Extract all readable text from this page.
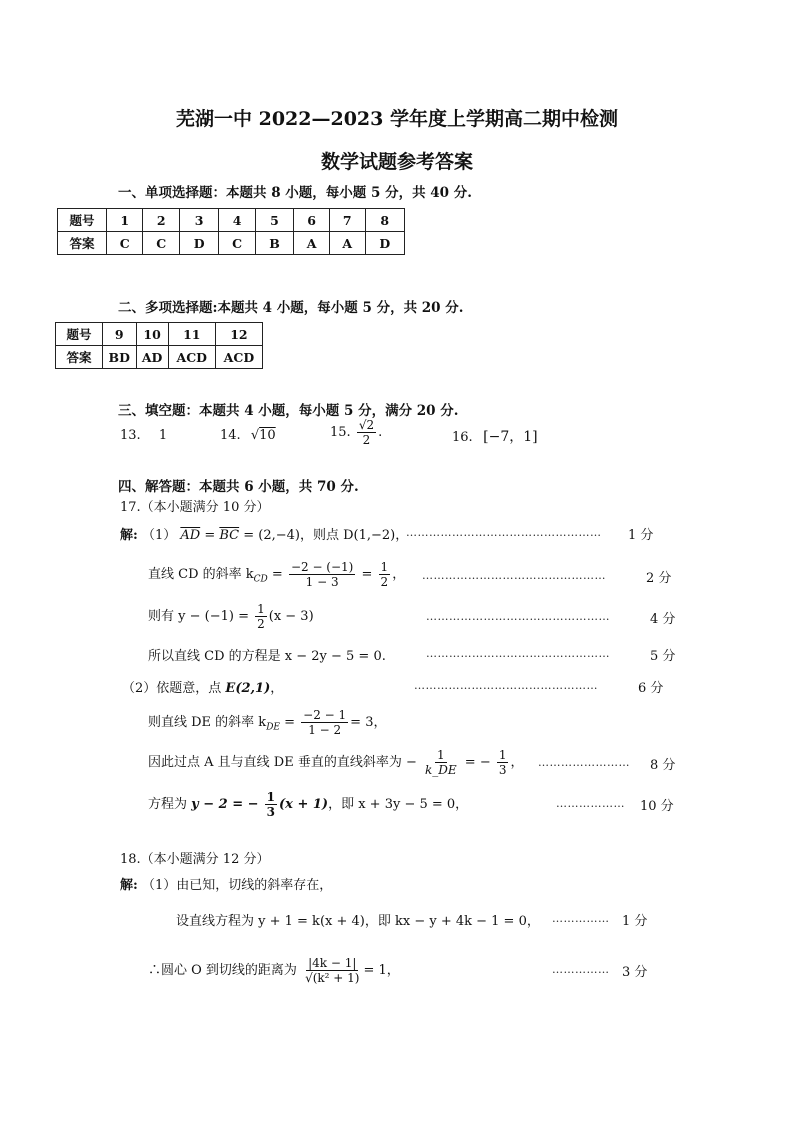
芜湖一中 2022—2023 学年度上学期高二期中检测
数学试题参考答案
一、单项选择题：本题共 8 小题，每小题 5 分，共 40 分.
题号	1	2	3	4	5	6	7	8
答案	C	C	D	C	B	A	A	D
二、多项选择题:本题共 4 小题，每小题 5 分，共 20 分.
题号	9	10	11	12
答案	BD	AD	ACD	ACD
三、填空题：本题共 4 小题，每小题 5 分，满分 20 分.
13. 1	14. √10	15. $\frac{√2}{2}$ .	16. [−7，1]
四、解答题：本题共 6 小题，共 70 分.
17.（本小题满分 10 分）
解: （1） $\overline{AD} = \overline{BC} = (2,-4)$，则点 D(1,−2)，
…………………………………………… 1 分
直线 CD 的斜率 $k_{CD} = \frac{-2 - (-1)}{1 - 3} = \frac{1}{2}$ ， …………………………………………	2 分
则有 $y - (-1) = \frac{1}{2} (x - 3)$	…………………………………………	4 分
所以直线 CD 的方程是 x − 2y − 5 = 0.	…………………………………………	5 分
（2）依题意，点 E(2,1)，	…………………………………………	6 分
则直线 DE 的斜率 $k_{DE} = \frac{-2 - 1}{1 - 2} = 3$，
因此过点 A 且与直线 DE 垂直的直线斜率为 − $\frac{1}{k\_DE}$ = − $\frac{1}{3}$ ， …………………… 8 分
方程为 y − 2 = − $\frac{1}{3} (x + 1)$，即 x + 3y − 5 = 0，	……………… 10 分
18.（本小题满分 12 分）
解: （1）由已知，切线的斜率存在，
设直线方程为 y + 1 = k(x + 4)，即 kx − y + 4k − 1 = 0， …………… 1 分
∴圆心 O 到切线的距离为 $\frac{|4k - 1|}{\text{√(k² + 1)}} = 1$，	…………… 3 分
